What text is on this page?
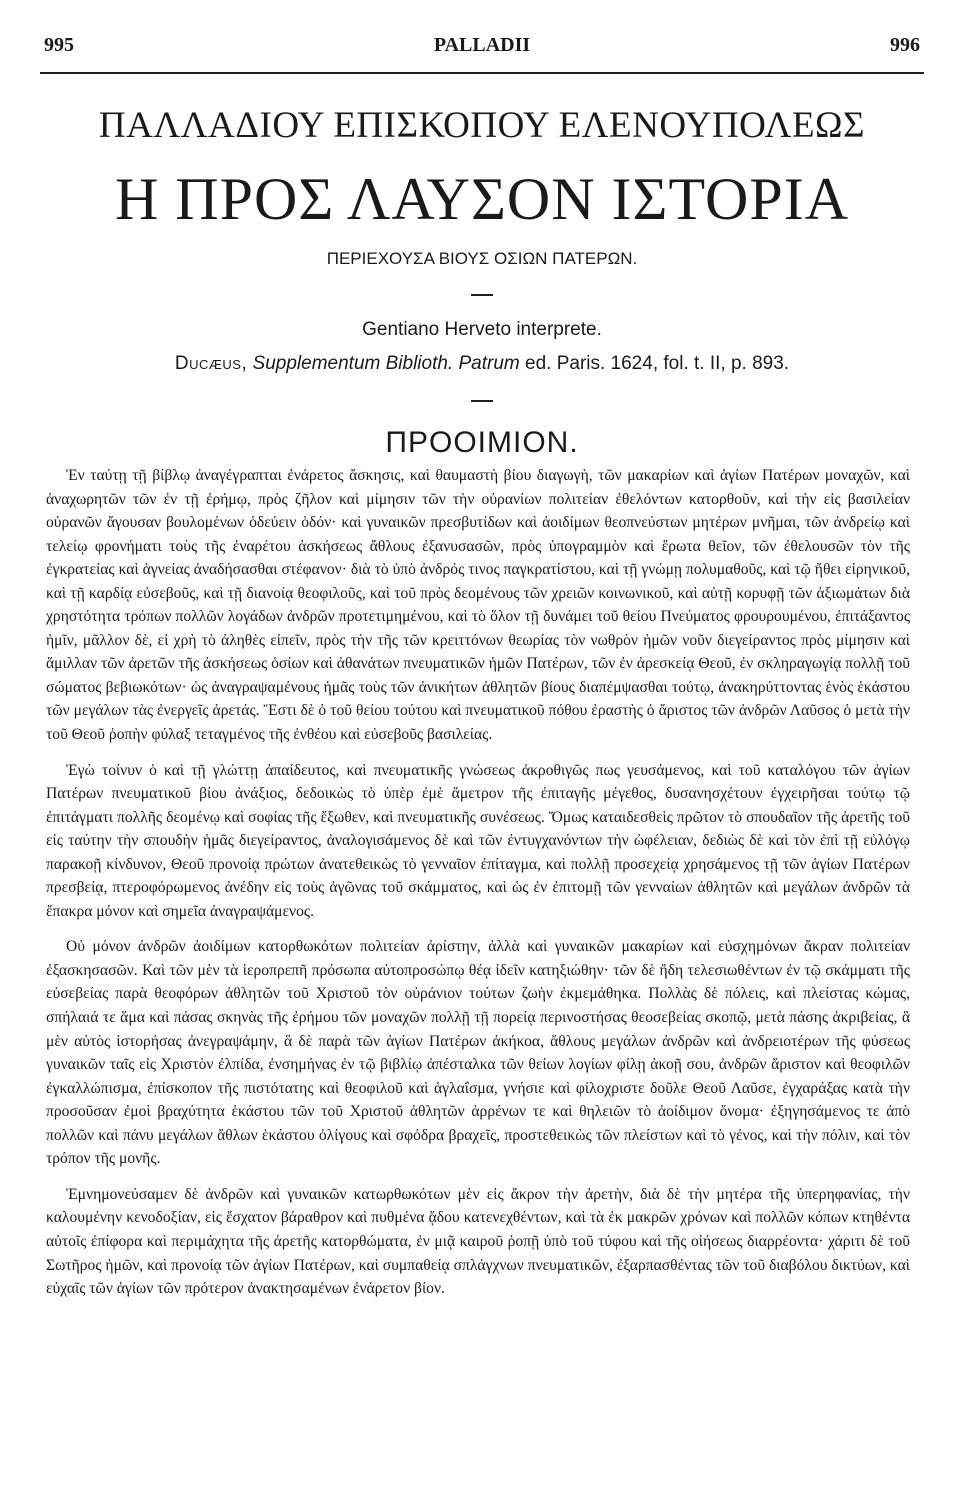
995	PALLADII	996
ΠΑΛΛΑΔΙΟΥ ΕΠΙΣΚΟΠΟΥ ΕΛΕΝΟΥΠΟΛΕΩΣ
Η ΠΡΟΣ ΛΑΥΣΟΝ ΙΣΤΟΡΙΑ
ΠΕΡΙΕΧΟΥΣΑ ΒΙΟΥΣ ΟΣΙΩΝ ΠΑΤΕΡΩΝ.
Gentiano Herveto interprete.
Ducæus, Supplementum Biblioth. Patrum ed. Paris. 1624, fol. t. II, p. 893.
ΠΡΟΟΙΜΙΟΝ.

Ἐν ταύτῃ τῇ βίβλῳ ἀναγέγραπται ἐνάρετος ἄσκησις, καὶ θαυμαστὴ βίου διαγωγὴ, τῶν μακαρίων καὶ ἁγίων Πατέρων μοναχῶν, καὶ ἀναχωρητῶν τῶν ἐν τῇ ἐρήμῳ, πρὸς ζῆλον καὶ μίμησιν τῶν τὴν οὐρανίων πολιτείαν ἐθελόντων κατορθοῦν, καὶ τὴν εἰς βασιλείαν οὐρανῶν ἄγουσαν βουλομένων ὁδεύειν ὁδόν· καὶ γυναικῶν πρεσβυτίδων καὶ ἀοιδίμων θεοπνεύστων μητέρων μνῆμαι, τῶν ἀνδρείῳ καὶ τελείῳ φρονήματι τοὺς τῆς ἐναρέτου ἀσκήσεως ἄθλους ἐξανυσασῶν, πρὸς ὑπογραμμὸν καὶ ἔρωτα θεῖον, τῶν ἐθελουσῶν τὸν τῆς ἐγκρατείας καὶ ἁγνείας ἀναδήσασθαι στέφανον· διὰ τὸ ὑπὸ ἀνδρός τινος παγκρατίστου, καὶ τῇ γνώμῃ πολυμαθοῦς, καὶ τῷ ἤθει εἰρηνικοῦ, καὶ τῇ καρδίᾳ εὐσεβοῦς, καὶ τῇ διανοίᾳ θεοφιλοῦς, καὶ τοῦ πρὸς δεομένους τῶν χρειῶν κοινωνικοῦ, καὶ αὐτῇ κορυφῇ τῶν ἀξιωμάτων διὰ χρηστότητα τρόπων πολλῶν λογάδων ἀνδρῶν προτετιμημένου, καὶ τὸ ὅλον τῇ δυνάμει τοῦ θείου Πνεύματος φρουρουμένου, ἐπιτάξαντος ἡμῖν, μᾶλλον δὲ, εἰ χρὴ τὸ ἀληθὲς εἰπεῖν, πρὸς τὴν τῆς τῶν κρειττόνων θεωρίας τὸν νωθρὸν ἡμῶν νοῦν διεγείραντος πρὸς μίμησιν καὶ ἅμιλλαν τῶν ἀρετῶν τῆς ἀσκήσεως ὁσίων καὶ ἀθανάτων πνευματικῶν ἡμῶν Πατέρων, τῶν ἐν ἀρεσκείᾳ Θεοῦ, ἐν σκληραγωγίᾳ πολλῇ τοῦ σώματος βεβιωκότων· ὡς ἀναγραψαμένους ἡμᾶς τοὺς τῶν ἀνικήτων ἀθλητῶν βίους διαπέμψασθαι τούτῳ, ἀνακηρύττοντας ἑνὸς ἑκάστου τῶν μεγάλων τὰς ἐνεργεῖς ἀρετάς. Ἔστι δὲ ὁ τοῦ θείου τούτου καὶ πνευματικοῦ πόθου ἐραστὴς ὁ ἄριστος τῶν ἀνδρῶν Λαῦσος ὁ μετὰ τὴν τοῦ Θεοῦ ῥοπὴν φύλαξ τεταγμένος τῆς ἐνθέου καὶ εὐσεβοῦς βασιλείας.

Ἐγὼ τοίνυν ὁ καὶ τῇ γλώττῃ ἀπαίδευτος, καὶ πνευματικῆς γνώσεως ἀκροθιγῶς πως γευσάμενος, καὶ τοῦ καταλόγου τῶν ἁγίων Πατέρων πνευματικοῦ βίου ἀνάξιος, δεδοικὼς τὸ ὑπὲρ ἐμὲ ἄμετρον τῆς ἐπιταγῆς μέγεθος, δυσανησχέτουν ἐγχειρῆσαι τούτῳ τῷ ἐπιτάγματι πολλῆς δεομένῳ καὶ σοφίας τῆς ἔξωθεν, καὶ πνευματικῆς συνέσεως. Ὅμως καταιδεσθεὶς πρῶτον τὸ σπουδαῖον τῆς ἀρετῆς τοῦ εἰς ταύτην τὴν σπουδὴν ἡμᾶς διεγείραντος, ἀναλογισάμενος δὲ καὶ τῶν ἐντυγχανόντων τὴν ὠφέλειαν, δεδιὼς δὲ καὶ τὸν ἐπὶ τῇ εὐλόγῳ παρακοῇ κίνδυνον, Θεοῦ προνοίᾳ πρώτων ἀνατεθεικὼς τὸ γενναῖον ἐπίταγμα, καὶ πολλῇ προσεχείᾳ χρησάμενος τῇ τῶν ἁγίων Πατέρων πρεσβείᾳ, πτεροφόρωμενος ἀνέδην εἰς τοὺς ἀγῶνας τοῦ σκάμματος, καὶ ὡς ἐν ἐπιτομῇ τῶν γενναίων ἀθλητῶν καὶ μεγάλων ἀνδρῶν τὰ ἔπακρα μόνον καὶ σημεῖα ἀναγραψάμενος.

Οὐ μόνον ἀνδρῶν ἀοιδίμων κατορθωκότων πολιτείαν ἀρίστην, ἀλλὰ καὶ γυναικῶν μακαρίων καὶ εὐσχημόνων ἄκραν πολιτείαν ἐξασκησασῶν. Καὶ τῶν μὲν τὰ ἱεροπρεπῆ πρόσωπα αὐτοπροσώπῳ θέᾳ ἰδεῖν κατηξιώθην· τῶν δὲ ἤδη τελεσιωθέντων ἐν τῷ σκάμματι τῆς εὐσεβείας παρὰ θεοφόρων ἀθλητῶν τοῦ Χριστοῦ τὸν οὐράνιον τούτων ζωὴν ἐκμεμάθηκα. Πολλὰς δὲ πόλεις, καὶ πλείστας κώμας, σπήλαιά τε ἅμα καὶ πάσας σκηνὰς τῆς ἐρήμου τῶν μοναχῶν πολλῇ τῇ πορείᾳ περινοστήσας θεοσεβείας σκοπῷ, μετὰ πάσης ἀκριβείας, ἃ μὲν αὐτὸς ἱστορήσας ἀνεγραψάμην, ἃ δὲ παρὰ τῶν ἁγίων Πατέρων ἀκήκοα, ἄθλους μεγάλων ἀνδρῶν καὶ ἀνδρειοτέρων τῆς φύσεως γυναικῶν ταῖς εἰς Χριστὸν ἐλπίδα, ἐνσημήνας ἐν τῷ βιβλίῳ ἀπέσταλκα τῶν θείων λογίων φίλῃ ἀκοῇ σου, ἀνδρῶν ἄριστον καὶ θεοφιλῶν ἐγκαλλώπισμα, ἐπίσκοπον τῆς πιστότατης καὶ θεοφιλοῦ καὶ ἁγλαΐσμα, γνήσιε καὶ φίλοχριστε δοῦλε Θεοῦ Λαῦσε, ἐγχαράξας κατὰ τὴν προσοῦσαν ἐμοὶ βραχύτητα ἑκάστου τῶν τοῦ Χριστοῦ ἀθλητῶν ἀρρένων τε καὶ θηλειῶν τὸ ἀοίδιμον ὄνομα· ἐξηγησάμενος τε ἀπὸ πολλῶν καὶ πάνυ μεγάλων ἄθλων ἑκάστου ὀλίγους καὶ σφόδρα βραχεῖς, προστεθεικὼς τῶν πλείστων καὶ τὸ γένος, καὶ τὴν πόλιν, καὶ τὸν τρόπον τῆς μονῆς.

Ἐμνημονεύσαμεν δὲ ἀνδρῶν καὶ γυναικῶν κατωρθωκότων μὲν εἰς ἄκρον τὴν ἀρετὴν, διὰ δὲ τὴν μητέρα τῆς ὑπερηφανίας, τὴν καλουμένην κενοδοξίαν, εἰς ἔσχατον βάραθρον καὶ πυθμένα ᾅδου κατενεχθέντων, καὶ τὰ ἐκ μακρῶν χρόνων καὶ πολλῶν κόπων κτηθέντα αὐτοῖς ἐπίφορα καὶ περιμάχητα τῆς ἀρετῆς κατορθώματα, ἐν μιᾷ καιροῦ ῥοπῇ ὑπὸ τοῦ τύφου καὶ τῆς οἰήσεως διαρρέοντα· χάριτι δὲ τοῦ Σωτῆρος ἡμῶν, καὶ προνοίᾳ τῶν ἁγίων Πατέρων, καὶ συμπαθείᾳ σπλάγχνων πνευματικῶν, ἐξαρπασθέντας τῶν τοῦ διαβόλου δικτύων, καὶ εὐχαῖς τῶν ἁγίων τῶν πρότερον ἀνακτησαμένων ἐνάρετον βίον.
